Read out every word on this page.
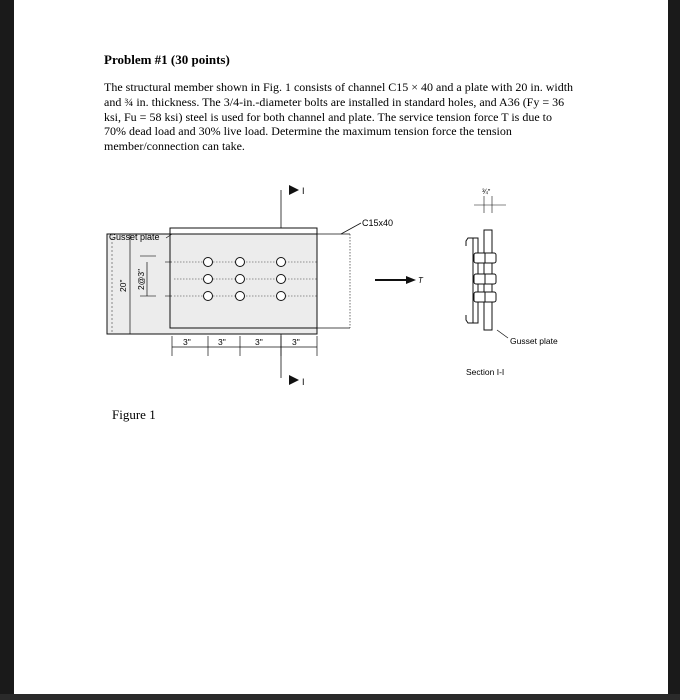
Problem #1 (30 points)
The structural member shown in Fig. 1 consists of channel C15 × 40 and a plate with 20 in. width and ¾ in. thickness. The 3/4-in.-diameter bolts are installed in standard holes, and A36 (Fy = 36 ksi, Fu = 58 ksi) steel is used for both channel and plate. The service tension force T is due to 70% dead load and 30% live load. Determine the maximum tension force the tension member/connection can take.
Gusset plate
C15x40
20" 2@3"
3"	3"	3"	3"
I
I
T
¾"
Gusset plate
Section I-I
Figure 1
